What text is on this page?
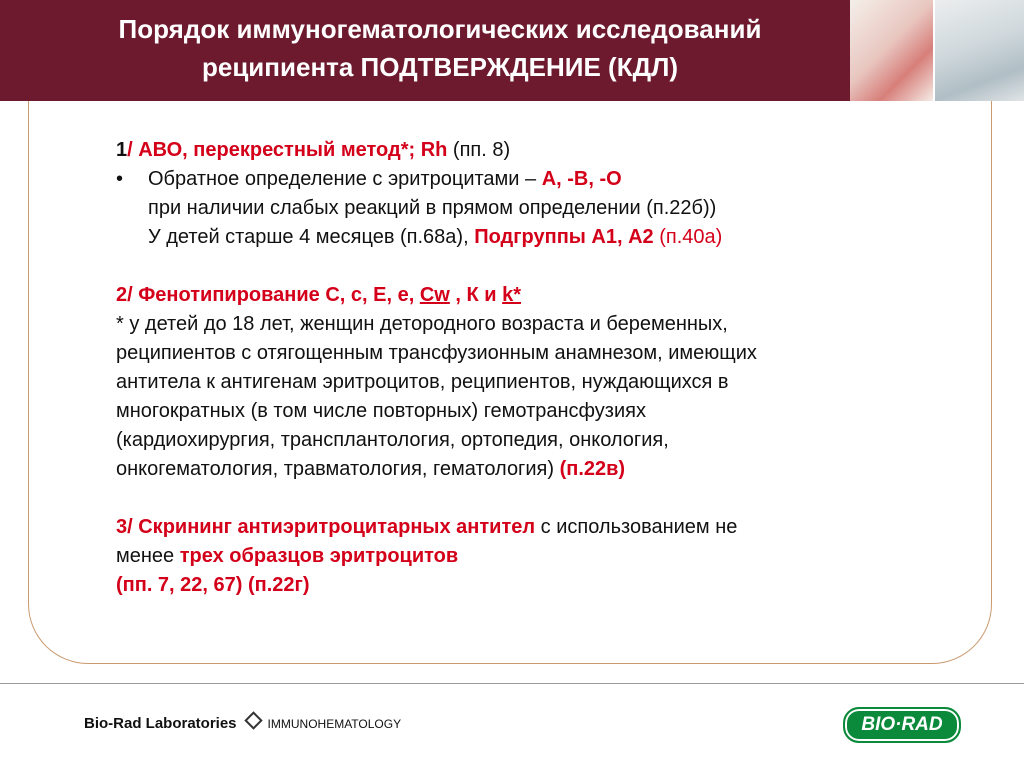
Порядок иммуногематологических исследований
реципиента ПОДТВЕРЖДЕНИЕ (КДЛ)
1/ АВО, перекрестный метод*; Rh (пп. 8)
• Обратное определение с эритроцитами – А, -В, -О
при наличии слабых реакций в прямом определении (п.22б))
У детей старше 4 месяцев (п.68а), Подгруппы А1, А2 (п.40а)
2/ Фенотипирование С, с, Е, е, Cw , К и k*
* у детей до 18 лет, женщин детородного возраста и беременных,
реципиентов с отягощенным трансфузионным анамнезом, имеющих
антитела к антигенам эритроцитов, реципиентов, нуждающихся в
многократных (в том числе повторных) гемотрансфузиях
(кардиохирургия, трансплантология, ортопедия, онкология,
онкогематология, травматология, гематология) (п.22в)
3/ Скрининг антиэритроцитарных антител с использованием не
менее трех образцов эритроцитов
(пп. 7, 22, 67) (п.22г)
Bio-Rad Laboratories	IMMUNOHEMATOLOGY	BIO·RAD
